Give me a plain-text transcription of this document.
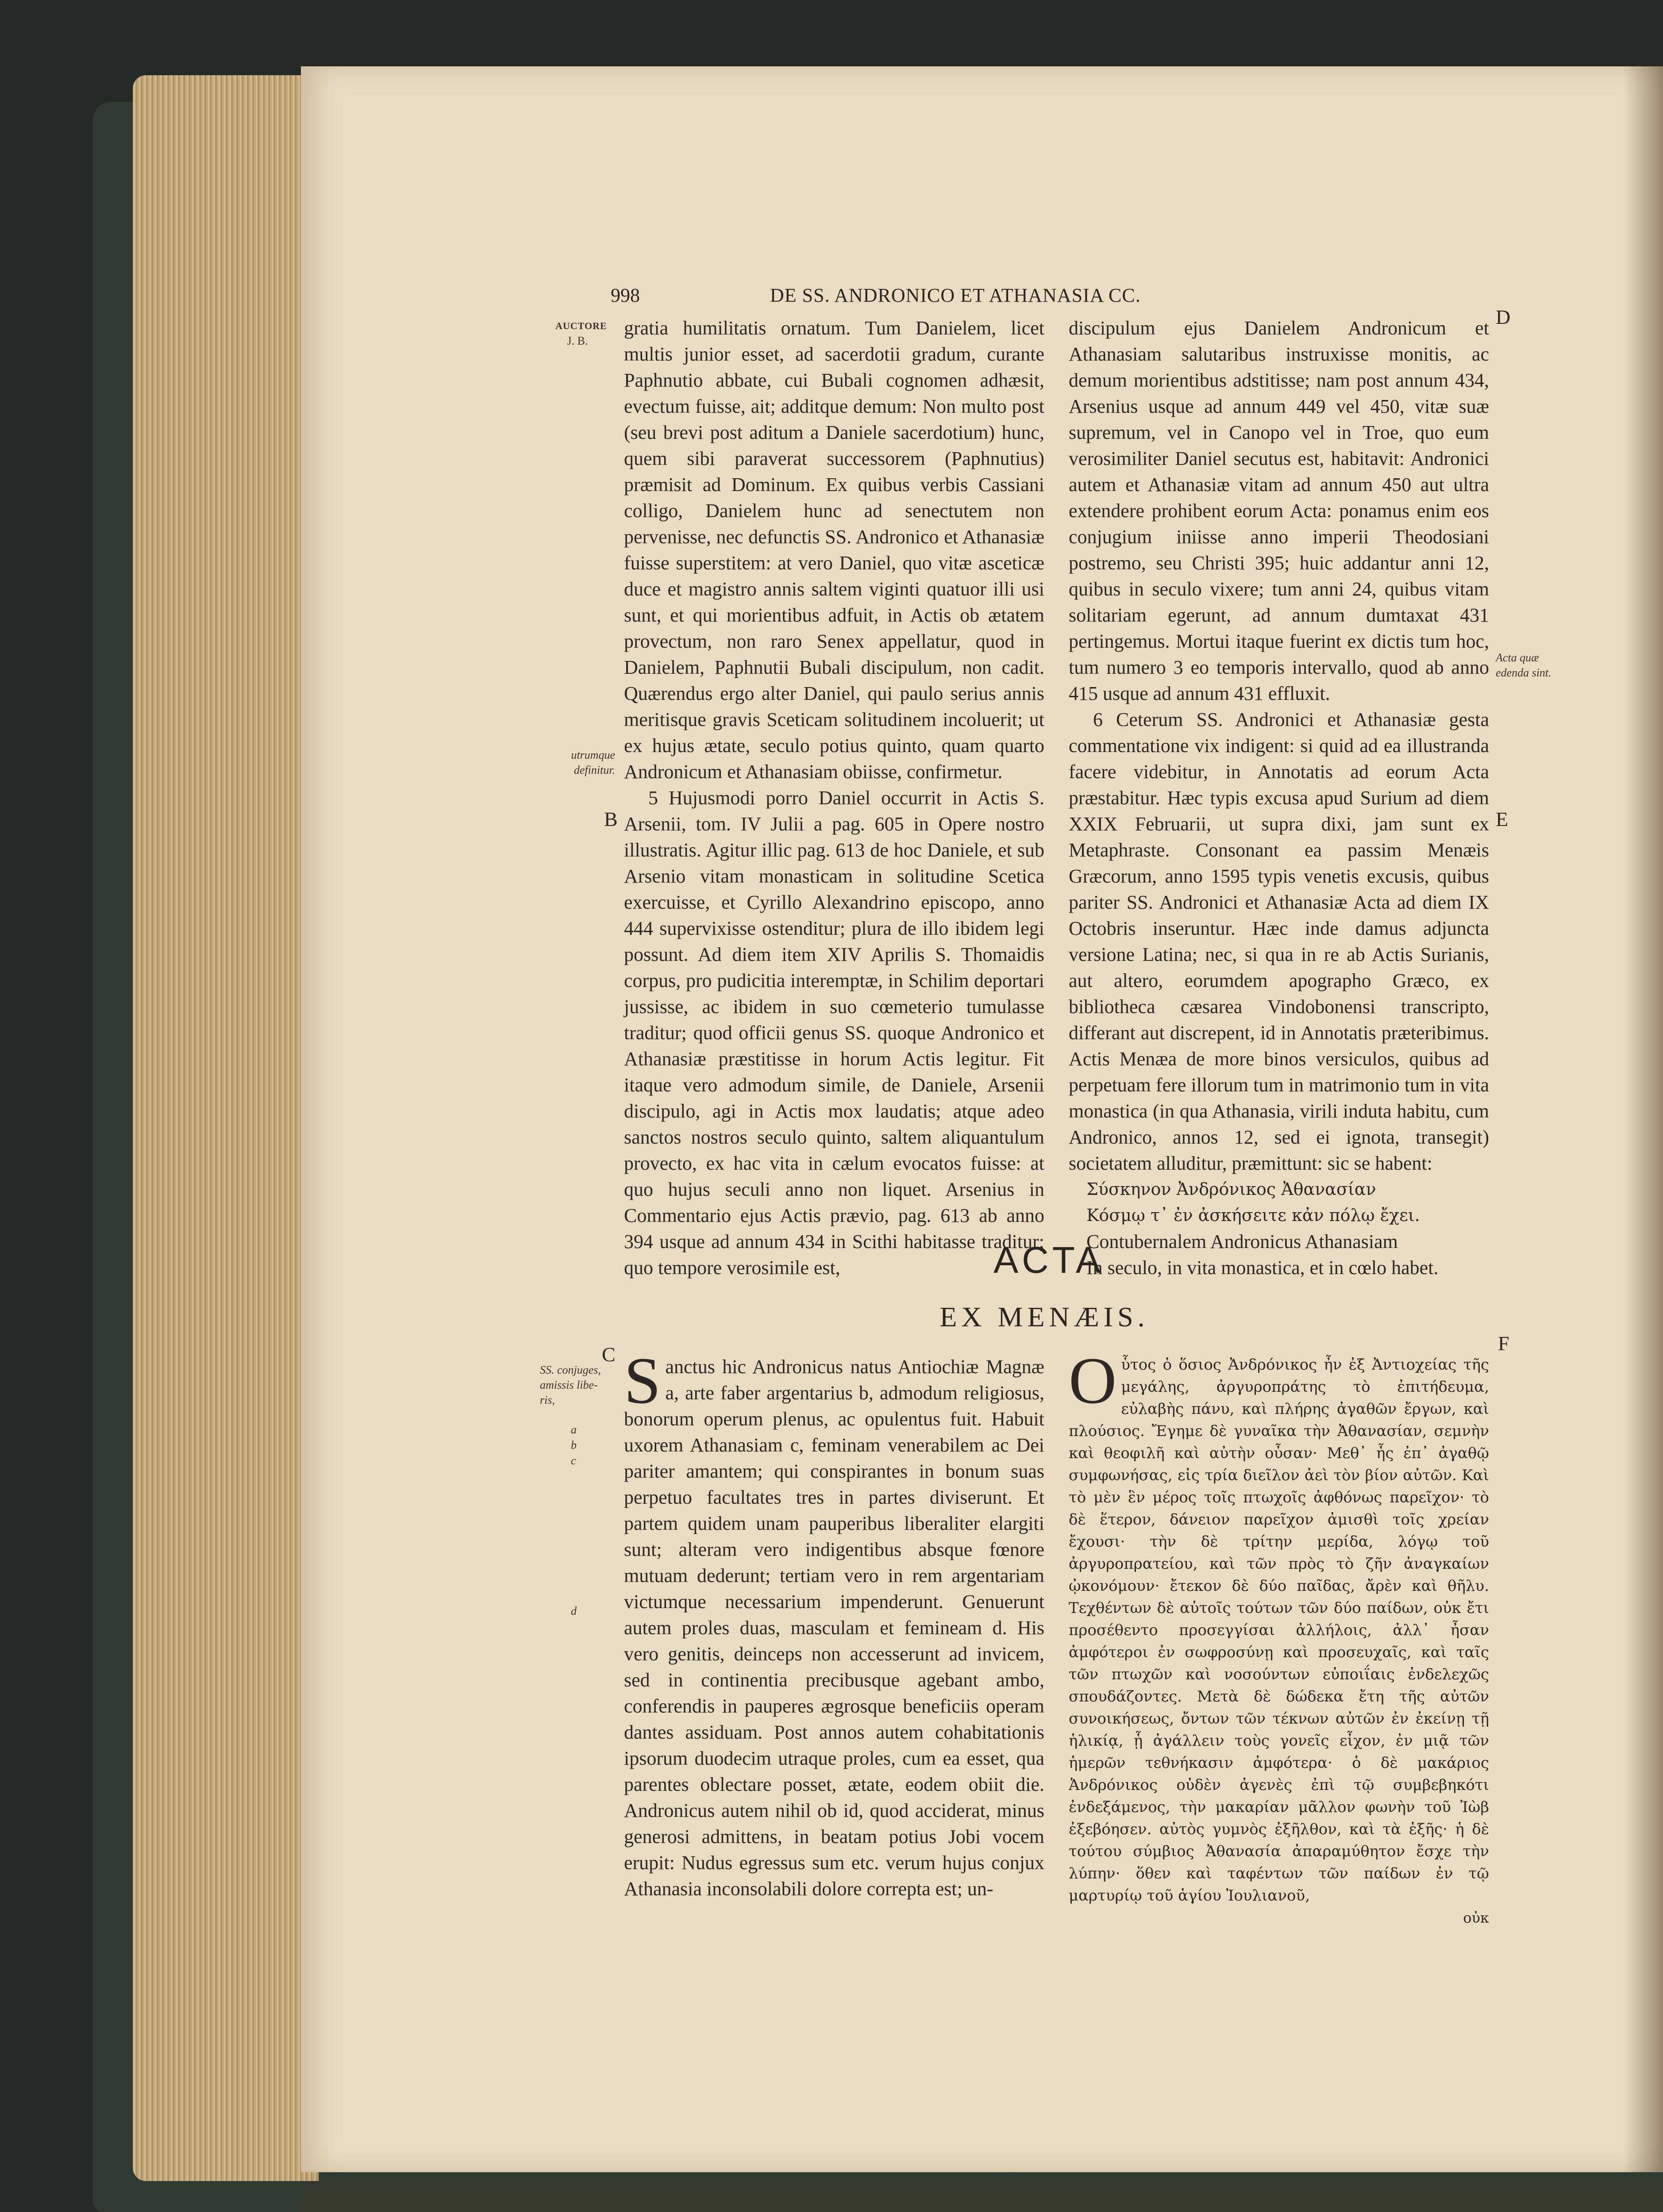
998	DE SS. ANDRONICO ET ATHANASIA CC.
AUCTORE
J. B.
utrumque
definitur.
Acta quæ
edenda sint.
SS. conjuges,
amissis libe-
ris,
a
b
c
d
D
B	E
C	F

gratia humilitatis ornatum. Tum Danielem, licet multis junior esset, ad sacerdotii gradum, curante Paphnutio abbate, cui Bubali cognomen adhæsit, evectum fuisse, ait; additque demum: Non multo post (seu brevi post aditum a Daniele sacerdotium) hunc, quem sibi paraverat successorem (Paphnutius) præmisit ad Dominum. Ex quibus verbis Cassiani colligo, Danielem hunc ad senectutem non pervenisse, nec defunctis SS. Andronico et Athanasiæ fuisse superstitem: at vero Daniel, quo vitæ asceticæ duce et magistro annis saltem viginti quatuor illi usi sunt, et qui morientibus adfuit, in Actis ob ætatem provectum, non raro Senex appellatur, quod in Danielem, Paphnutii Bubali discipulum, non cadit. Quærendus ergo alter Daniel, qui paulo serius annis meritisque gravis Sceticam solitudinem incoluerit; ut ex hujus ætate, seculo potius quinto, quam quarto Andronicum et Athanasiam obiisse, confirmetur.

5 Hujusmodi porro Daniel occurrit in Actis S. Arsenii, tom. IV Julii a pag. 605 in Opere nostro illustratis. Agitur illic pag. 613 de hoc Daniele, et sub Arsenio vitam monasticam in solitudine Scetica exercuisse, et Cyrillo Alexandrino episcopo, anno 444 supervixisse ostenditur; plura de illo ibidem legi possunt. Ad diem item XIV Aprilis S. Thomaidis corpus, pro pudicitia interemptæ, in Schilim deportari jussisse, ac ibidem in suo cœmeterio tumulasse traditur; quod officii genus SS. quoque Andronico et Athanasiæ præstitisse in horum Actis legitur. Fit itaque vero admodum simile, de Daniele, Arsenii discipulo, agi in Actis mox laudatis; atque adeo sanctos nostros seculo quinto, saltem aliquantulum provecto, ex hac vita in cælum evocatos fuisse: at quo hujus seculi anno non liquet. Arsenius in Commentario ejus Actis prævio, pag. 613 ab anno 394 usque ad annum 434 in Scithi habitasse traditur; quo tempore verosimile est,

discipulum ejus Danielem Andronicum et Athanasiam salutaribus instruxisse monitis, ac demum morientibus adstitisse; nam post annum 434, Arsenius usque ad annum 449 vel 450, vitæ suæ supremum, vel in Canopo vel in Troe, quo eum verosimiliter Daniel secutus est, habitavit: Andronici autem et Athanasiæ vitam ad annum 450 aut ultra extendere prohibent eorum Acta: ponamus enim eos conjugium iniisse anno imperii Theodosiani postremo, seu Christi 395; huic addantur anni 12, quibus in seculo vixere; tum anni 24, quibus vitam solitariam egerunt, ad annum dumtaxat 431 pertingemus. Mortui itaque fuerint ex dictis tum hoc, tum numero 3 eo temporis intervallo, quod ab anno 415 usque ad annum 431 effluxit.

6 Ceterum SS. Andronici et Athanasiæ gesta commentatione vix indigent: si quid ad ea illustranda facere videbitur, in Annotatis ad eorum Acta præstabitur. Hæc typis excusa apud Surium ad diem XXIX Februarii, ut supra dixi, jam sunt ex Metaphraste. Consonant ea passim Menæis Græcorum, anno 1595 typis venetis excusis, quibus pariter SS. Andronici et Athanasiæ Acta ad diem IX Octobris inseruntur. Hæc inde damus adjuncta versione Latina; nec, si qua in re ab Actis Surianis, aut altero, eorumdem apographo Græco, ex bibliotheca cæsarea Vindobonensi transcripto, differant aut discrepent, id in Annotatis præteribimus. Actis Menæa de more binos versiculos, quibus ad perpetuam fere illorum tum in matrimonio tum in vita monastica (in qua Athanasia, virili induta habitu, cum Andronico, annos 12, sed ei ignota, transegit) societatem alluditur, præmittunt: sic se habent:

Σύσκηνον Ἀνδρόνικος Ἀθανασίαν

Κόσμῳ τ᾽ ἐν ἀσκήσειτε κἀν πόλῳ ἔχει.

Contubernalem Andronicus Athanasiam

In seculo, in vita monastica, et in cœlo habet.

ACTA
EX MENÆIS.
S anctus hic Andronicus natus Antiochiæ Magnæ a, arte faber argentarius b, admodum religiosus, bonorum operum plenus, ac opulentus fuit. Habuit uxorem Athanasiam c, feminam venerabilem ac Dei pariter amantem; qui conspirantes in bonum suas perpetuo facultates tres in partes diviserunt. Et partem quidem unam pauperibus liberaliter elargiti sunt; alteram vero indigentibus absque fœnore mutuam dederunt; tertiam vero in rem argentariam victumque necessarium impenderunt. Genuerunt autem proles duas, masculam et femineam d. His vero genitis, deinceps non accesserunt ad invicem, sed in continentia precibusque agebant ambo, conferendis in pauperes ægrosque beneficiis operam dantes assiduam. Post annos autem cohabitationis ipsorum duodecim utraque proles, cum ea esset, qua parentes oblectare posset, ætate, eodem obiit die. Andronicus autem nihil ob id, quod acciderat, minus generosi admittens, in beatam potius Jobi vocem erupit: Nudus egressus sum etc. verum hujus conjux Athanasia inconsolabili dolore correpta est; un-
Ο ὗτος ὁ ὅσιος Ἀνδρόνικος ἦν ἐξ Ἀντιοχείας τῆς μεγάλης, ἀργυροπράτης τὸ ἐπιτήδευμα, εὐλαβὴς πάνυ, καὶ πλήρης ἀγαθῶν ἔργων, καὶ πλούσιος. Ἔγημε δὲ γυναῖκα τὴν Ἀθανασίαν, σεμνὴν καὶ θεοφιλῆ καὶ αὐτὴν οὖσαν· Μεθ᾽ ἧς ἐπ᾽ ἀγαθῷ συμφωνήσας, εἰς τρία διεῖλον ἀεὶ τὸν βίον αὐτῶν. Καὶ τὸ μὲν ἓν μέρος τοῖς πτωχοῖς ἀφθόνως παρεῖχον· τὸ δὲ ἕτερον, δάνειον παρεῖχον ἀμισθὶ τοῖς χρείαν ἔχουσι· τὴν δὲ τρίτην μερίδα, λόγῳ τοῦ ἀργυροπρατείου, καὶ τῶν πρὸς τὸ ζῆν ἀναγκαίων ᾠκονόμουν· ἔτεκον δὲ δύο παῖδας, ἄρὲν καὶ θῆλυ. Τεχθέντων δὲ αὐτοῖς τούτων τῶν δύο παίδων, οὐκ ἔτι προσέθεντο προσεγγίσαι ἀλλήλοις, ἀλλ᾽ ἦσαν ἀμφότεροι ἐν σωφροσύνῃ καὶ προσευχαῖς, καὶ ταῖς τῶν πτωχῶν καὶ νοσούντων εὐποιΐαις ἐνδελεχῶς σπουδάζοντες. Μετὰ δὲ δώδεκα ἔτη τῆς αὐτῶν συνοικήσεως, ὄντων τῶν τέκνων αὐτῶν ἐν ἐκείνῃ τῇ ἡλικίᾳ, ᾗ ἀγάλλειν τοὺς γονεῖς εἶχον, ἐν μιᾷ τῶν ἡμερῶν τεθνήκασιν ἀμφότερα· ὁ δὲ μακάριος Ἀνδρόνικος οὐδὲν ἀγενὲς ἐπὶ τῷ συμβεβηκότι ἐνδεξάμενος, τὴν μακαρίαν μᾶλλον φωνὴν τοῦ Ἰὼβ ἐξεβόησεν. αὐτὸς γυμνὸς ἐξῆλθον, καὶ τὰ ἑξῆς· ἡ δὲ τούτου σύμβιος Ἀθανασία ἀπαραμύθητον ἔσχε τὴν λύπην· ὅθεν καὶ ταφέντων τῶν παίδων ἐν τῷ μαρτυρίῳ τοῦ ἁγίου Ἰουλιανοῦ,
οὐκ
